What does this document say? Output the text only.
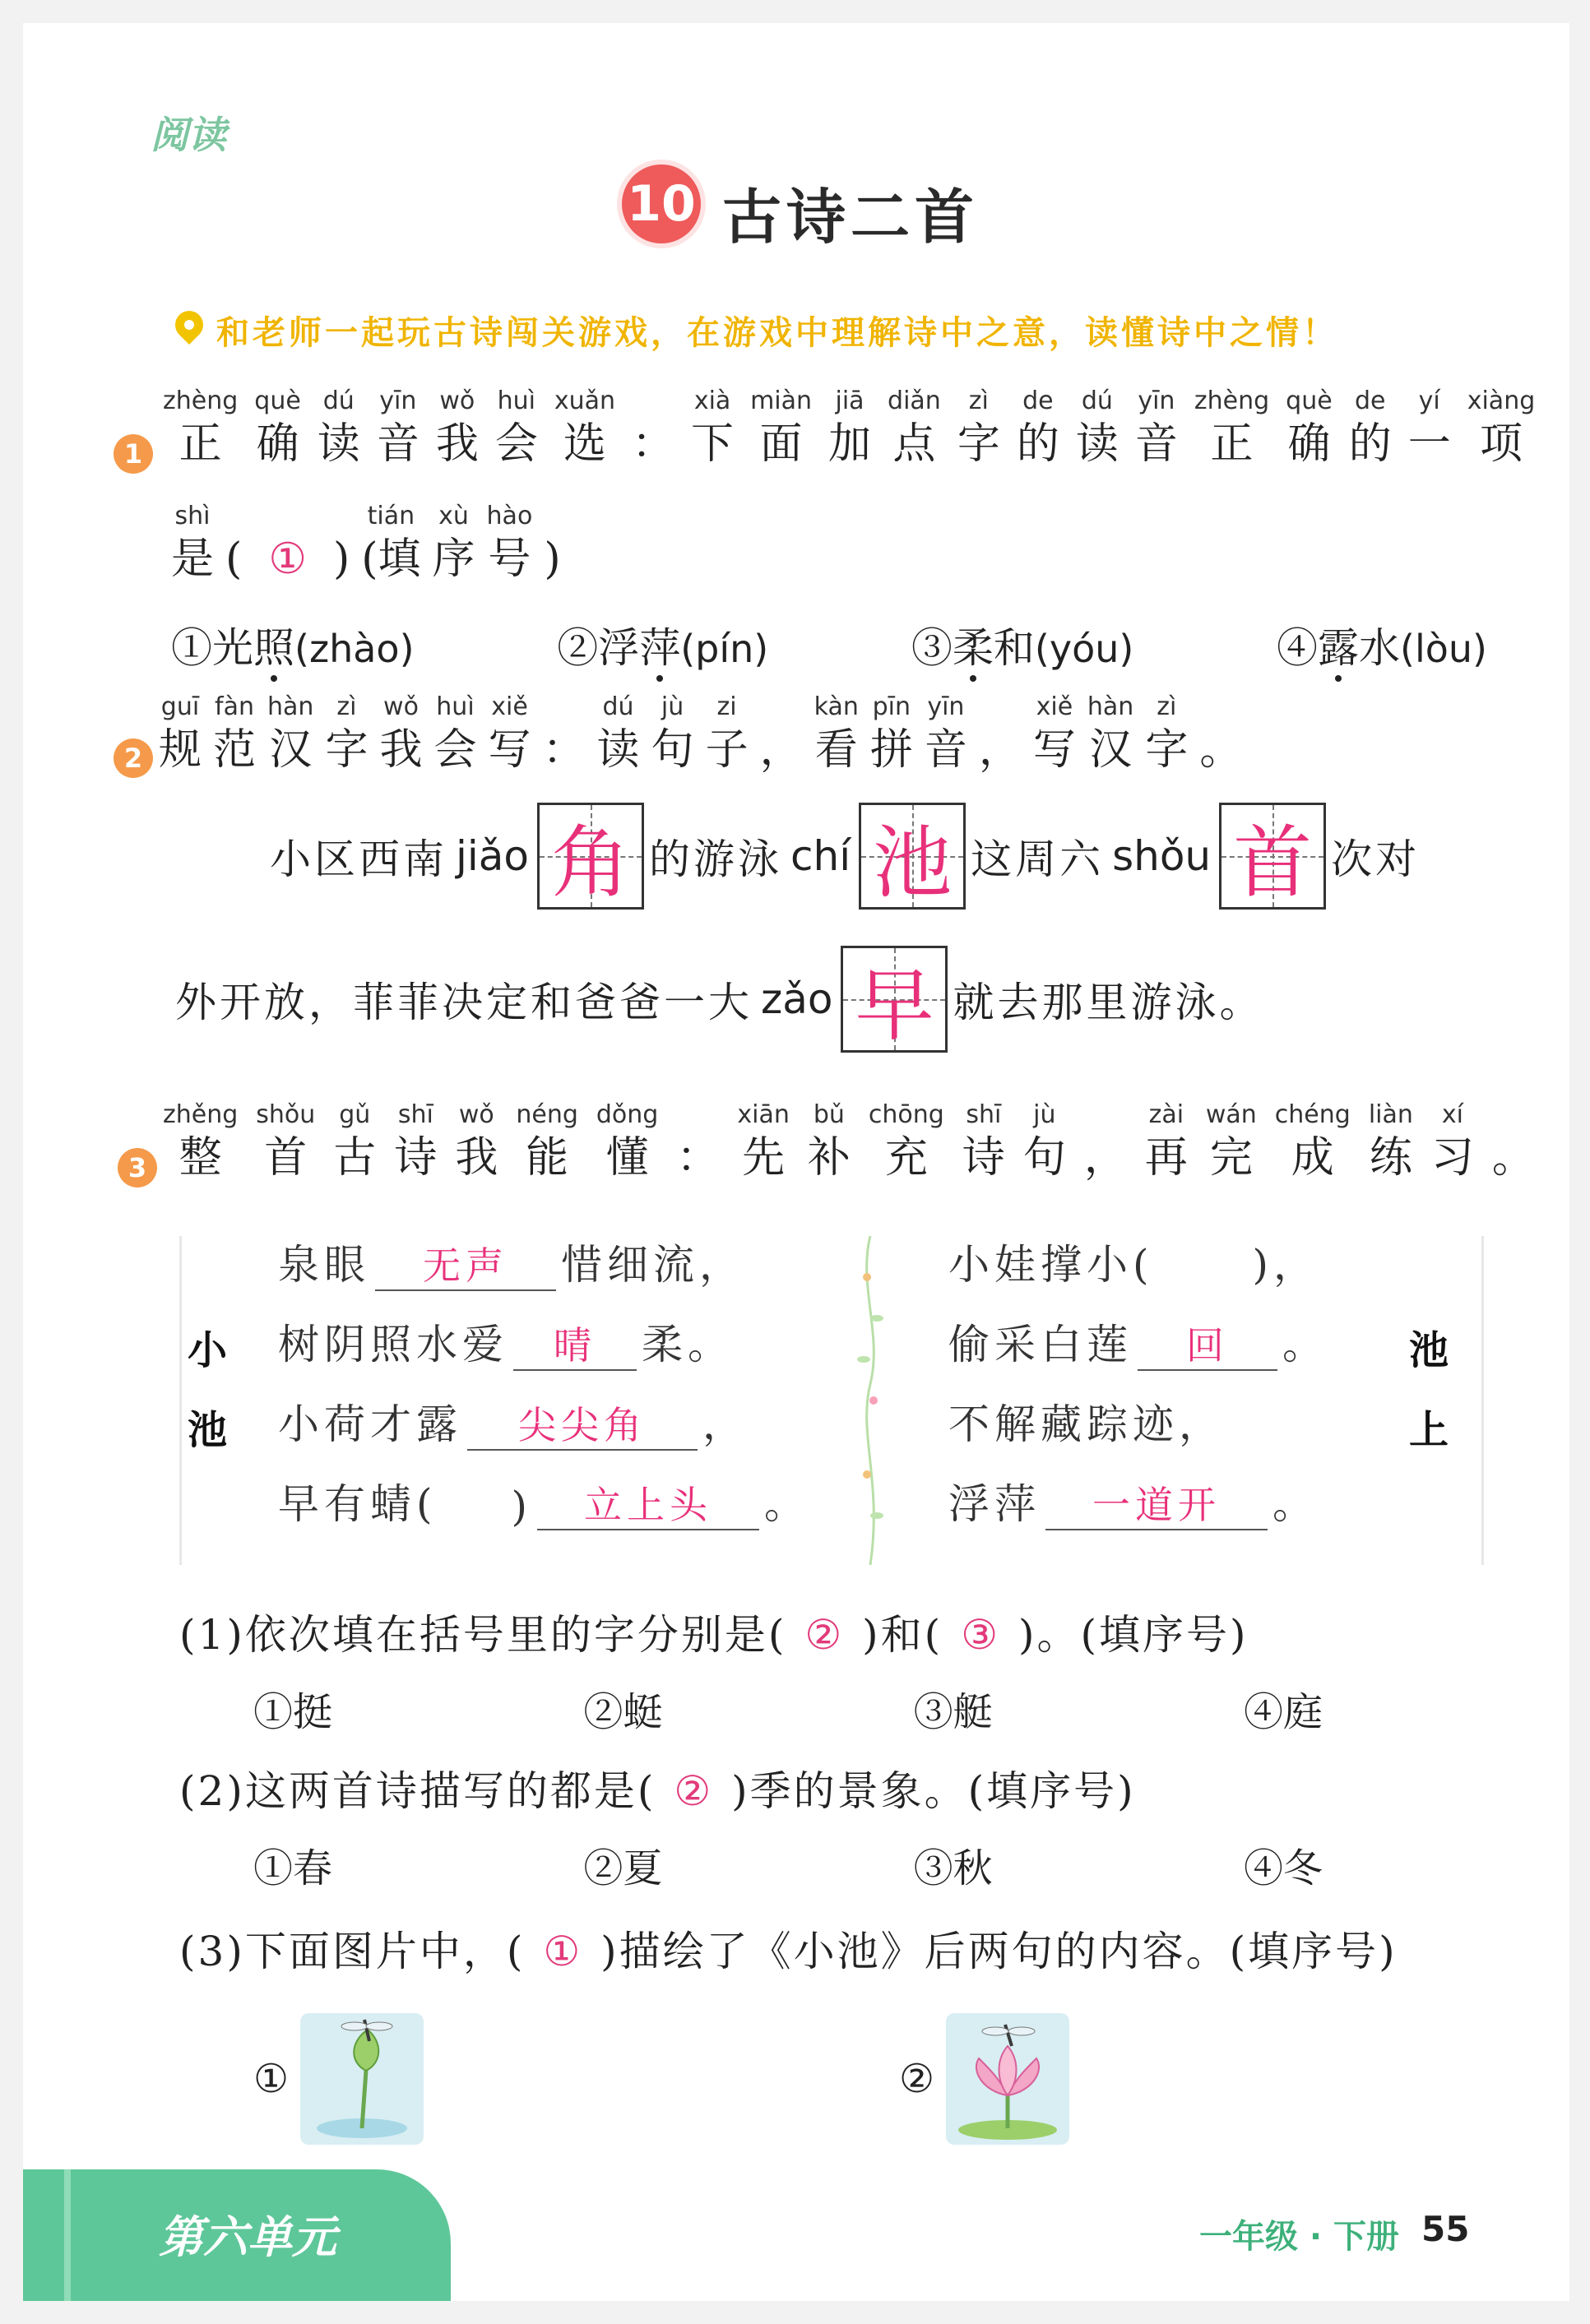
阅读
10 古诗二首
和老师一起玩古诗闯关游戏，在游戏中理解诗中之意，读懂诗中之情！
1
zhèng
正
què
确
dú
读
yīn
音
wǒ
我
huì
会
xuǎn
选 ：
xià
下
miàn
面
jiā
加
diǎn
点
zì
字
de
的
dú
读
yīn
音
zhèng
正
què
确
de
的
yí
一
xiàng
项
shì
是 ( ① )
tián
(填
xù
序
hào
号 )
①光照
(zhào)	②浮萍
(pín)	③柔
和(yóu)	④露
水(lòu)
2
guī
规
fàn
范
hàn
汉
zì
字
wǒ
我
huì
会
xiě
写 ：
dú
读
jù
句
zi
子 ，
kàn
看
pīn
拼
yīn
音 ，
xiě
写
hàn
汉
zì
字 。
小区西南 jiǎo 角 的游泳 chí 池 这周六 shǒu 首 次对
外开放，菲菲决定和爸爸一大 zǎo 早 就去那里游泳。
3
zhěng
整
shǒu
首
gǔ
古
shī
诗
wǒ
我
néng
能
dǒng
懂 ：
xiān
先
bǔ
补
chōng
充
shī
诗
jù
句 ，
zài
再
wán
完
chéng
成
liàn
练
xí
习 。
小
池
池
上
泉眼	无声	惜细流，
树阴照水爱	晴	柔。
小荷才露	尖尖角	，
早有蜻( )	立上头	。
小娃撑小( )，
偷采白莲	回	。
不解藏踪迹，
浮萍	一道开	。
(1)依次填在括号里的字分别是( ② )和( ③ )。(填序号)
①挺	②蜓	③艇	④庭
(2)这两首诗描写的都是( ② )季的景象。(填序号)
①春	②夏	③秋	④冬
(3)下面图片中，( ① )描绘了《小池》后两句的内容。(填序号)
①	②
第六单元	一年级 · 下册 55
